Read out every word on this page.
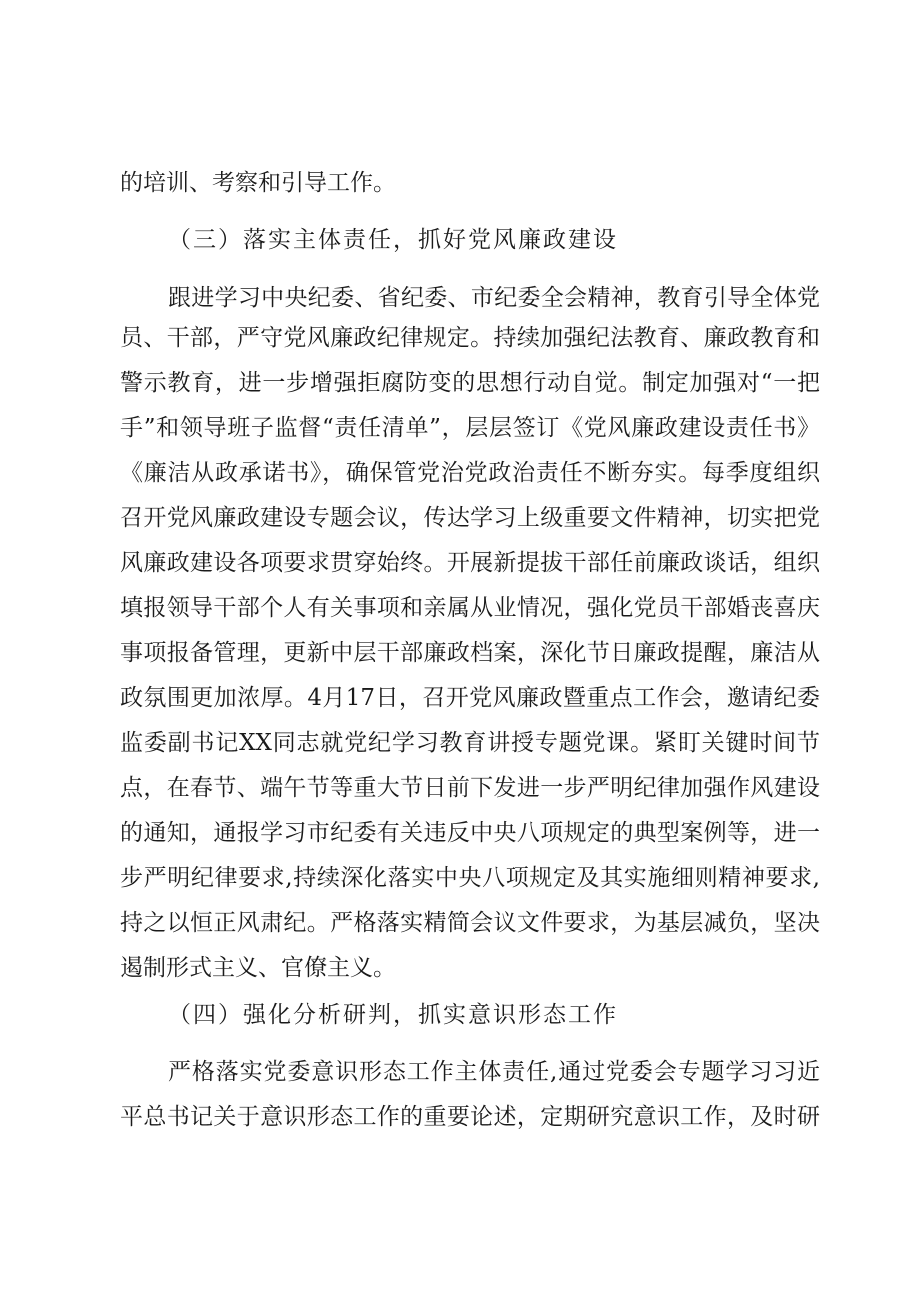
的培训、考察和引导工作。
（三）落实主体责任，抓好党风廉政建设
跟进学习中央纪委、省纪委、市纪委全会精神，教育引导全体党
员、干部，严守党风廉政纪律规定。持续加强纪法教育、廉政教育和
警示教育，进一步增强拒腐防变的思想行动自觉。制定加强对“一把
手”和领导班子监督“责任清单”，层层签订《党风廉政建设责任书》
《廉洁从政承诺书》，确保管党治党政治责任不断夯实。每季度组织
召开党风廉政建设专题会议，传达学习上级重要文件精神，切实把党
风廉政建设各项要求贯穿始终。开展新提拔干部任前廉政谈话，组织
填报领导干部个人有关事项和亲属从业情况，强化党员干部婚丧喜庆
事项报备管理，更新中层干部廉政档案，深化节日廉政提醒，廉洁从
政氛围更加浓厚。4月17日，召开党风廉政暨重点工作会，邀请纪委
监委副书记XX同志就党纪学习教育讲授专题党课。紧盯关键时间节
点，在春节、端午节等重大节日前下发进一步严明纪律加强作风建设
的通知，通报学习市纪委有关违反中央八项规定的典型案例等，进一
步严明纪律要求,持续深化落实中央八项规定及其实施细则精神要求,
持之以恒正风肃纪。严格落实精简会议文件要求，为基层减负，坚决
遏制形式主义、官僚主义。
（四）强化分析研判，抓实意识形态工作
严格落实党委意识形态工作主体责任,通过党委会专题学习习近
平总书记关于意识形态工作的重要论述，定期研究意识工作，及时研
